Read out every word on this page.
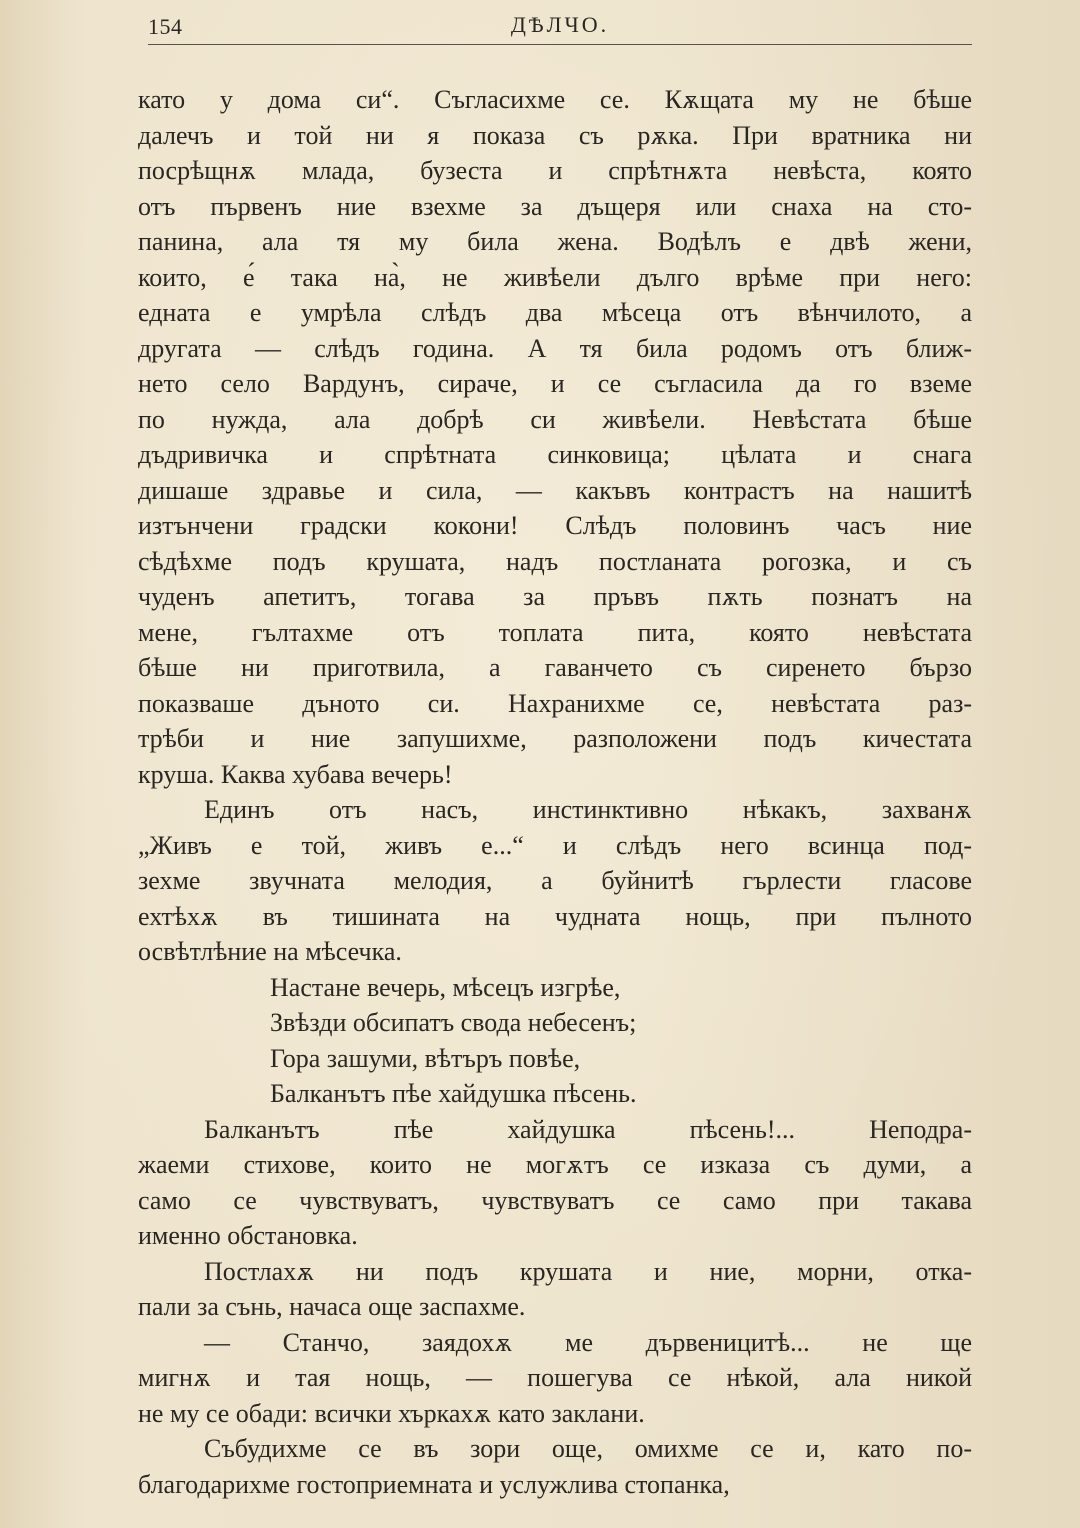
154	ДѢЛЧО.
като у дома си“. Съгласихме се. Кѫщата му не бѣше
далечъ и той ни я показа съ рѫка. При вратника ни
посрѣщнѫ млада, бузеста и спрѣтнѫта невѣста, която
отъ първенъ ние взехме за дъщеря или снаха на сто-
панина, ала тя му била жена. Водѣлъ е двѣ жени,
които, е́ така на̀, не живѣели дълго врѣме при него:
едната е умрѣла слѣдъ два мѣсеца отъ вѣнчилото, а
другата — слѣдъ година. А тя била родомъ отъ ближ-
нето село Вардунъ, сираче, и се съгласила да го вземе
по нужда, ала добрѣ си живѣели. Невѣстата бѣше
дъдривичка и спрѣтната синковица; цѣлата и снага
дишаше здравье и сила, — какъвъ контрастъ на нашитѣ
изтънчени градски кокони! Слѣдъ половинъ часъ ние
сѣдѣхме подъ крушата, надъ постланата рогозка, и съ
чуденъ апетитъ, тогава за пръвъ пѫть познатъ на
мене, гълтахме отъ топлата пита, която невѣстата
бѣше ни приготвила, а гаванчето съ сиренето бързо
показваше дъното си. Нахранихме се, невѣстата раз-
трѣби и ние запушихме, разположени подъ кичестата
круша. Каква хубава вечерь!
Единъ отъ насъ, инстинктивно нѣкакъ, захванѫ
„Живъ е той, живъ е...“ и слѣдъ него всинца под-
зехме звучната мелодия, а буйнитѣ гърлести гласове
ехтѣхѫ въ тишината на чудната нощь, при пълното
освѣтлѣние на мѣсечка.
Настане вечерь, мѣсецъ изгрѣе,
Звѣзди обсипатъ свода небесенъ;
Гора зашуми, вѣтъръ повѣе,
Балканътъ пѣе хайдушка пѣсень.
Балканътъ пѣе хайдушка пѣсень!... Неподра-
жаеми стихове, които не могѫтъ се изказа съ думи, а
само се чувствуватъ, чувствуватъ се само при такава
именно обстановка.
Постлахѫ ни подъ крушата и ние, морни, отка-
пали за сънь, начаса още заспахме.
— Станчо, заядохѫ ме дървеницитѣ... не ще
мигнѫ и тая нощь, — пошегува се нѣкой, ала никой
не му се обади: всички хъркахѫ като заклани.
Събудихме се въ зори още, омихме се и, като по-
благодарихме гостоприемната и услужлива стопанка,
